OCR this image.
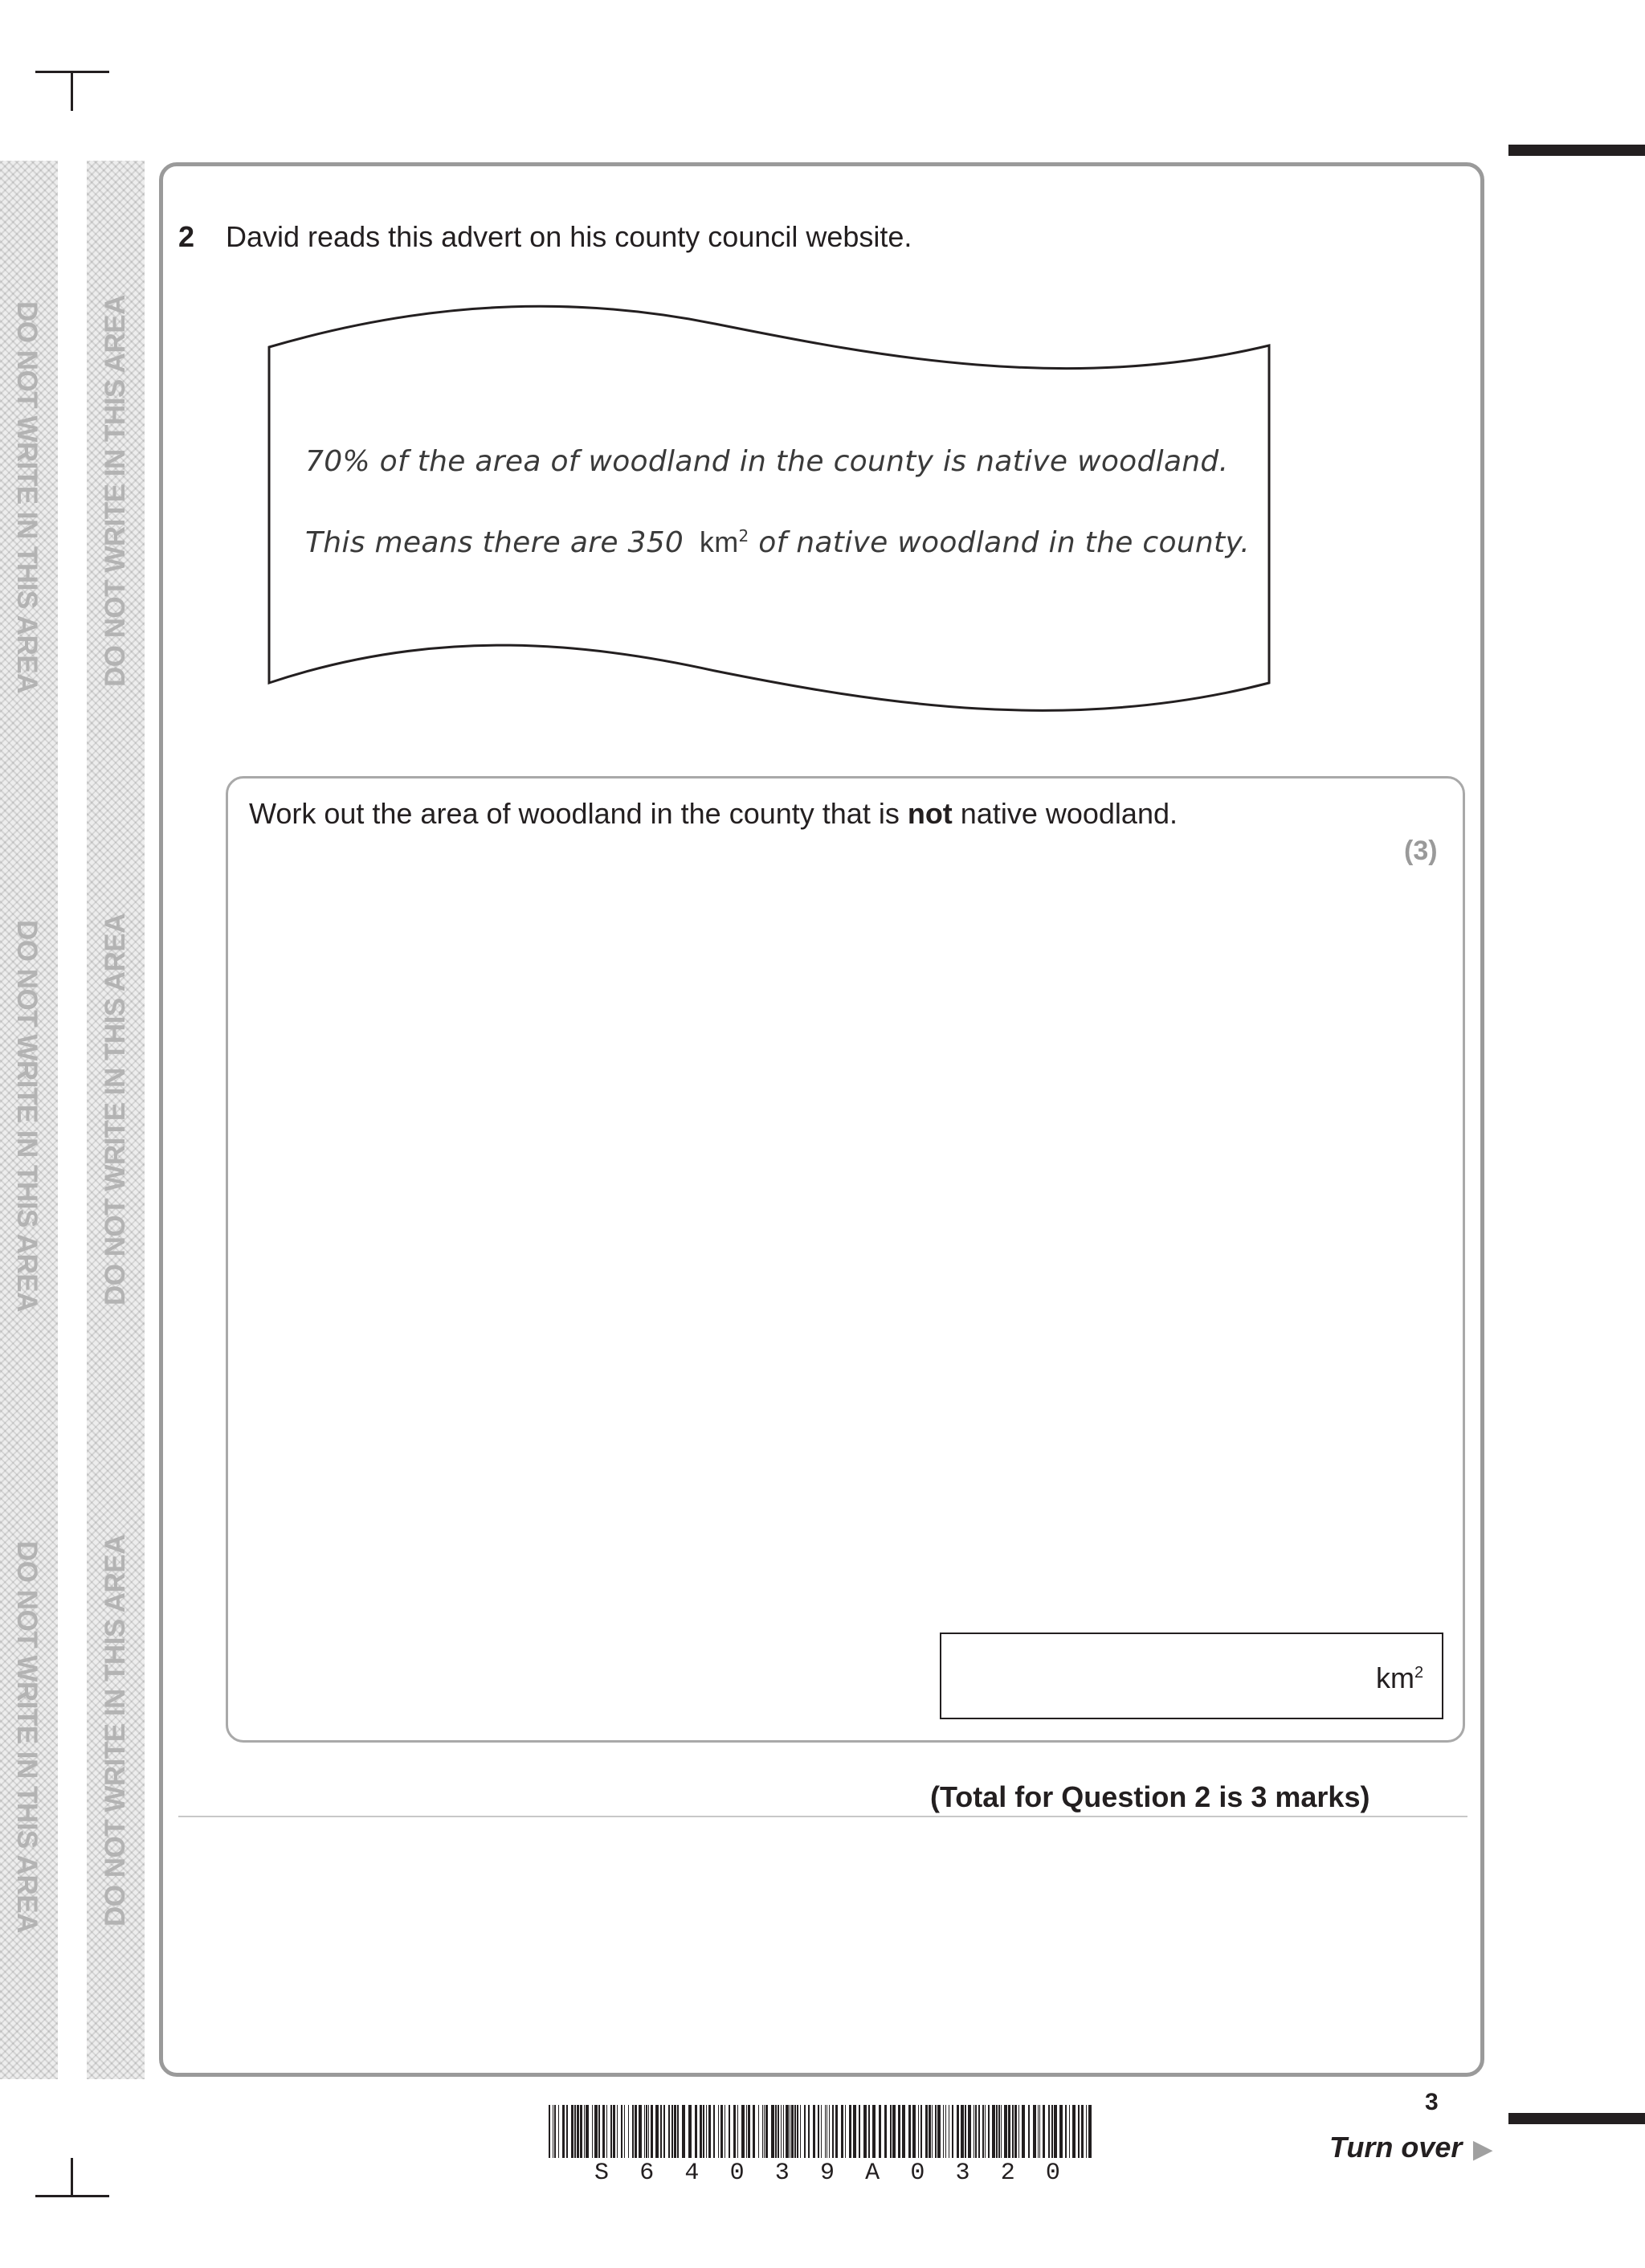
DO NOT WRITE IN THIS AREA
DO NOT WRITE IN THIS AREA
DO NOT WRITE IN THIS AREA
DO NOT WRITE IN THIS AREA
DO NOT WRITE IN THIS AREA
DO NOT WRITE IN THIS AREA
2 David reads this advert on his county council website.
70% of the area of woodland in the county is native woodland.
This means there are 350 $km^2$ of native woodland in the county.
Work out the area of woodland in the county that is not native woodland.
(3)
$km^2$
(Total for Question 2 is 3 marks)
S 6 4 0 3 9 A 0 3 2 0
3
Turn over ▶
